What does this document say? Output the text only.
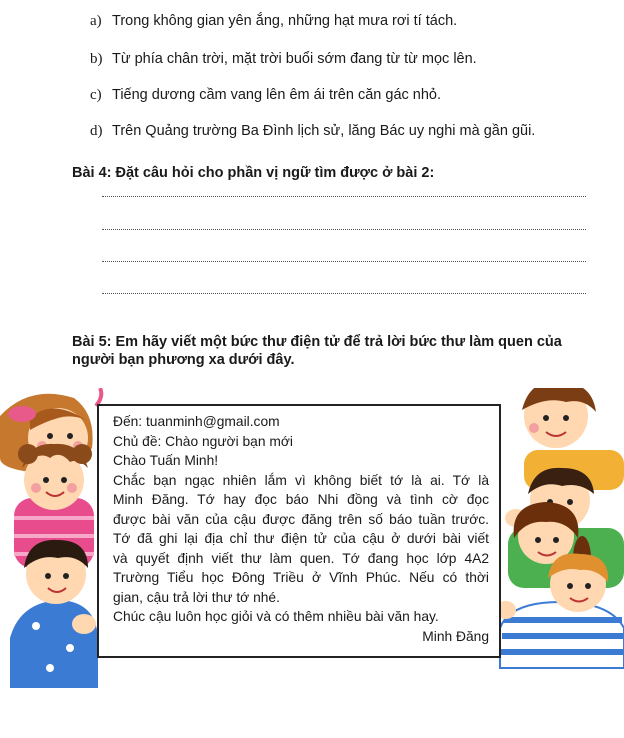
a) Trong không gian yên ắng, những hạt mưa rơi tí tách.
b) Từ phía chân trời, mặt trời buổi sớm đang từ từ mọc lên.
c) Tiếng dương cầm vang lên êm ái trên căn gác nhỏ.
d) Trên Quảng trường Ba Đình lịch sử, lăng Bác uy nghi mà gần gũi.
Bài 4: Đặt câu hỏi cho phần vị ngữ tìm được ở bài 2:
Bài 5: Em hãy viết một bức thư điện tử để trả lời bức thư làm quen của
người bạn phương xa dưới đây.
Đến: tuanminh@gmail.com
Chủ đề: Chào người bạn mới
Chào Tuấn Minh!
Chắc bạn ngạc nhiên lắm vì không biết tớ là ai. Tớ là
Minh Đăng. Tớ hay đọc báo Nhi đồng và tình cờ đọc
được bài văn của cậu được đăng trên số báo tuần trước.
Tớ đã ghi lại địa chỉ thư điện tử của cậu ở dưới bài viết
và quyết định viết thư làm quen. Tớ đang học lớp 4A2
Trường Tiểu học Đông Triều ở Vĩnh Phúc. Nếu có thời
gian, cậu trả lời thư tớ nhé.
Chúc cậu luôn học giỏi và có thêm nhiều bài văn hay.
Minh Đăng
